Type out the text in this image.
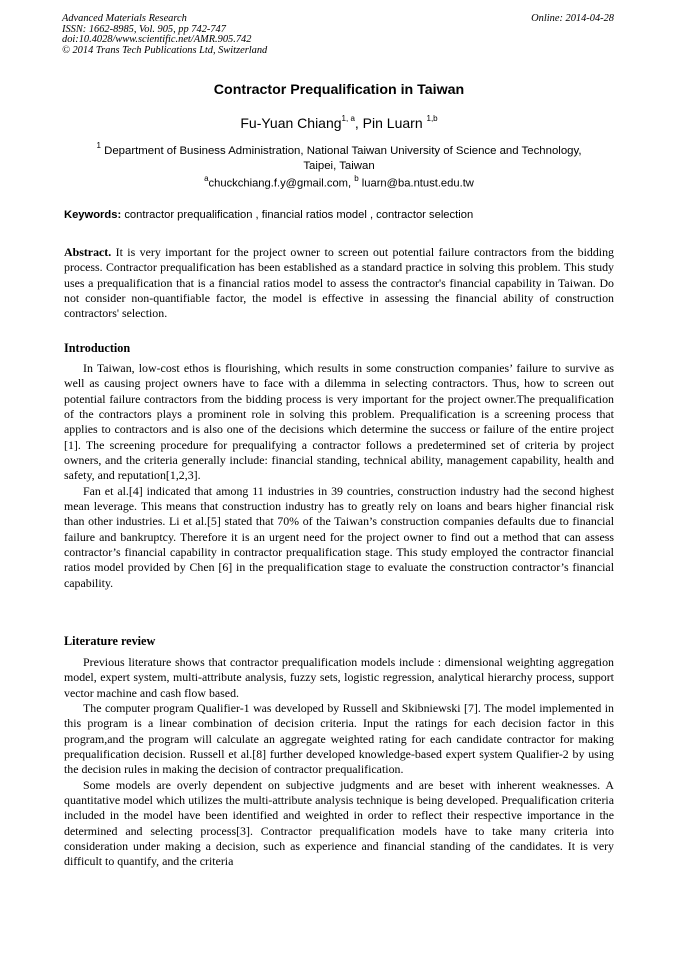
Advanced Materials Research
ISSN: 1662-8985, Vol. 905, pp 742-747
doi:10.4028/www.scientific.net/AMR.905.742
© 2014 Trans Tech Publications Ltd, Switzerland
Online: 2014-04-28
Contractor Prequalification in Taiwan
Fu-Yuan Chiang$^{1, a}$, Pin Luarn $^{1,b}$
$^1$ Department of Business Administration, National Taiwan University of Science and Technology,
Taipei, Taiwan
$^a$chuckchiang.f.y@gmail.com, $^b$ luarn@ba.ntust.edu.tw
Keywords: contractor prequalification , financial ratios model , contractor selection

Abstract. It is very important for the project owner to screen out potential failure contractors from the bidding process. Contractor prequalification has been established as a standard practice in solving this problem. This study uses a prequalification that is a financial ratios model to assess the contractor's financial capability in Taiwan. Do not consider non-quantifiable factor, the model is effective in assessing the financial ability of construction contractors' selection.

Introduction

In Taiwan, low-cost ethos is flourishing, which results in some construction companies’ failure to survive as well as causing project owners have to face with a dilemma in selecting contractors. Thus, how to screen out potential failure contractors from the bidding process is very important for the project owner.The prequalification of the contractors plays a prominent role in solving this problem. Prequalification is a screening process that applies to contractors and is also one of the decisions which determine the success or failure of the entire project [1]. The screening procedure for prequalifying a contractor follows a predetermined set of criteria by project owners, and the criteria generally include: financial standing, technical ability, management capability, health and safety, and reputation[1,2,3].

Fan et al.[4] indicated that among 11 industries in 39 countries, construction industry had the second highest mean leverage. This means that construction industry has to greatly rely on loans and bears higher financial risk than other industries. Li et al.[5] stated that 70% of the Taiwan’s construction companies defaults due to financial failure and bankruptcy. Therefore it is an urgent need for the project owner to find out a method that can assess contractor’s financial capability in contractor prequalification stage. This study employed the contractor financial ratios model provided by Chen [6] in the prequalification stage to evaluate the construction contractor’s financial capability.

Literature review

Previous literature shows that contractor prequalification models include : dimensional weighting aggregation model, expert system, multi-attribute analysis, fuzzy sets, logistic regression, analytical hierarchy process, support vector machine and cash flow based.

The computer program Qualifier-1 was developed by Russell and Skibniewski [7]. The model implemented in this program is a linear combination of decision criteria. Input the ratings for each decision factor in this program,and the program will calculate an aggregate weighted rating for each candidate contractor for making prequalification decision. Russell et al.[8] further developed knowledge-based expert system Qualifier-2 by using the decision rules in making the decision of contractor prequalification.

Some models are overly dependent on subjective judgments and are beset with inherent weaknesses. A quantitative model which utilizes the multi-attribute analysis technique is being developed. Prequalification criteria included in the model have been identified and weighted in order to reflect their respective importance in the determined and selecting process[3]. Contractor prequalification models have to take many criteria into consideration under making a decision, such as experience and financial standing of the candidates. It is very difficult to quantify, and the criteria
